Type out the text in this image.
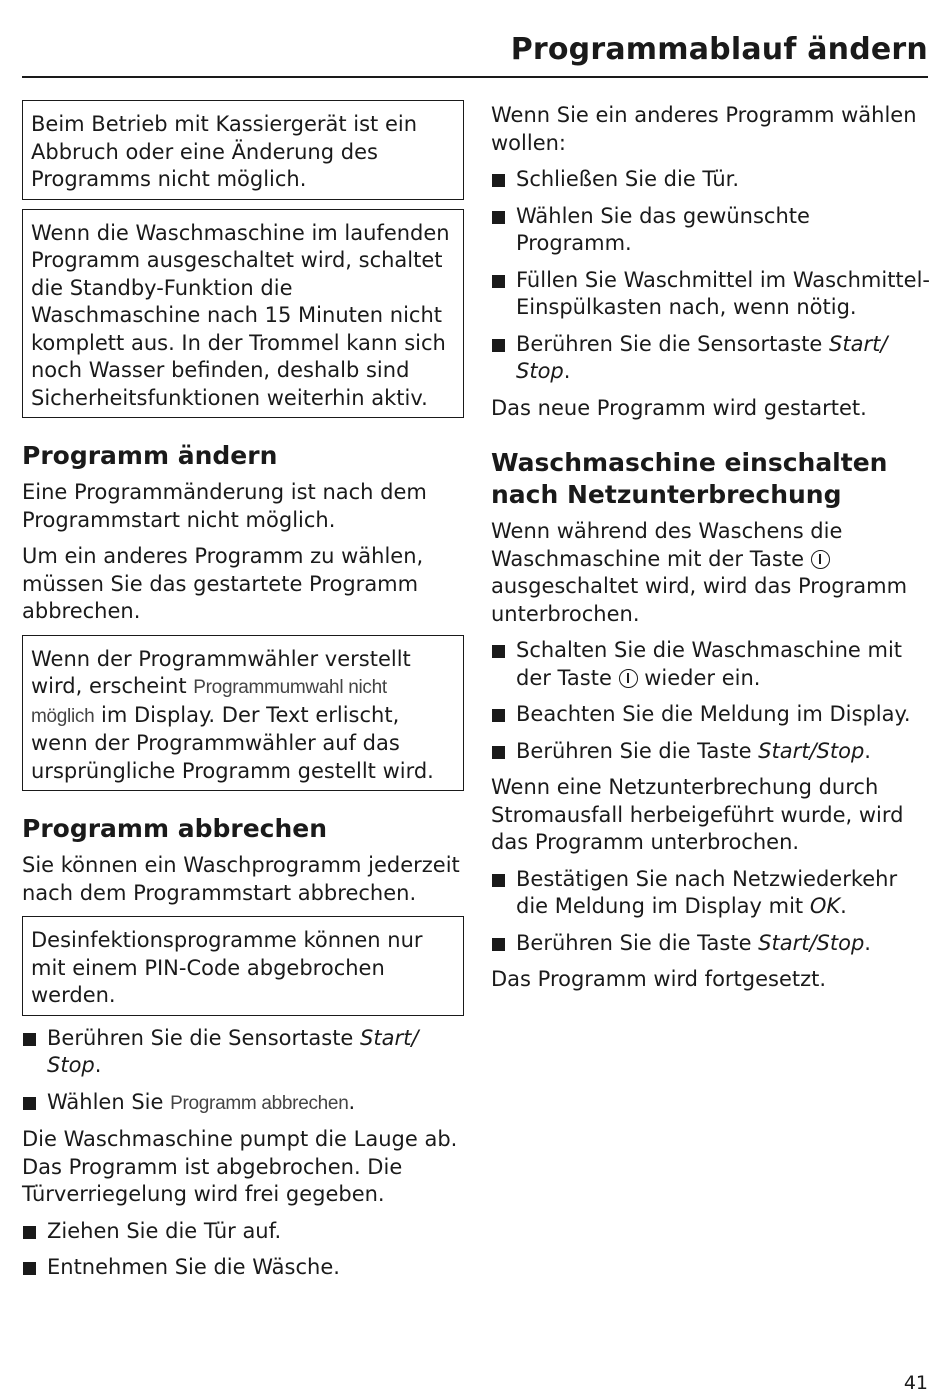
Programmablauf ändern
Beim Betrieb mit Kassiergerät ist ein Abbruch oder eine Änderung des Programms nicht möglich.
Wenn die Waschmaschine im laufenden Programm ausgeschaltet wird, schaltet die Standby-Funktion die Waschmaschine nach 15 Minuten nicht komplett aus. In der Trommel kann sich noch Wasser befinden, deshalb sind Sicherheitsfunktionen weiterhin aktiv.
Programm ändern

Eine Programmänderung ist nach dem Programmstart nicht möglich.

Um ein anderes Programm zu wählen, müssen Sie das gestartete Programm abbrechen.

Wenn der Programmwähler verstellt wird, erscheint Programmumwahl nicht möglich im Display. Der Text erlischt, wenn der Programmwähler auf das ursprüngliche Programm gestellt wird.
Programm abbrechen

Sie können ein Waschprogramm jederzeit nach dem Programmstart abbrechen.

Desinfektionsprogramme können nur mit einem PIN-Code abgebrochen werden.
Berühren Sie die Sensortaste Start/ Stop.
Wählen Sie Programm abbrechen.

Die Waschmaschine pumpt die Lauge ab. Das Programm ist abgebrochen. Die Türverriegelung wird frei gegeben.

Ziehen Sie die Tür auf.
Entnehmen Sie die Wäsche.

Wenn Sie ein anderes Programm wählen wollen:

Schließen Sie die Tür.
Wählen Sie das gewünschte Programm.
Füllen Sie Waschmittel im Waschmittel-Einspülkasten nach, wenn nötig.
Berühren Sie die Sensortaste Start/ Stop.

Das neue Programm wird gestartet.

Waschmaschine einschalten nach Netzunterbrechung

Wenn während des Waschens die Waschmaschine mit der Taste  ausgeschaltet wird, wird das Programm unterbrochen.

Schalten Sie die Waschmaschine mit der Taste  wieder ein.
Beachten Sie die Meldung im Display.
Berühren Sie die Taste Start/Stop.

Wenn eine Netzunterbrechung durch Stromausfall herbeigeführt wurde, wird das Programm unterbrochen.

Bestätigen Sie nach Netzwiederkehr die Meldung im Display mit OK.
Berühren Sie die Taste Start/Stop.

Das Programm wird fortgesetzt.

41
